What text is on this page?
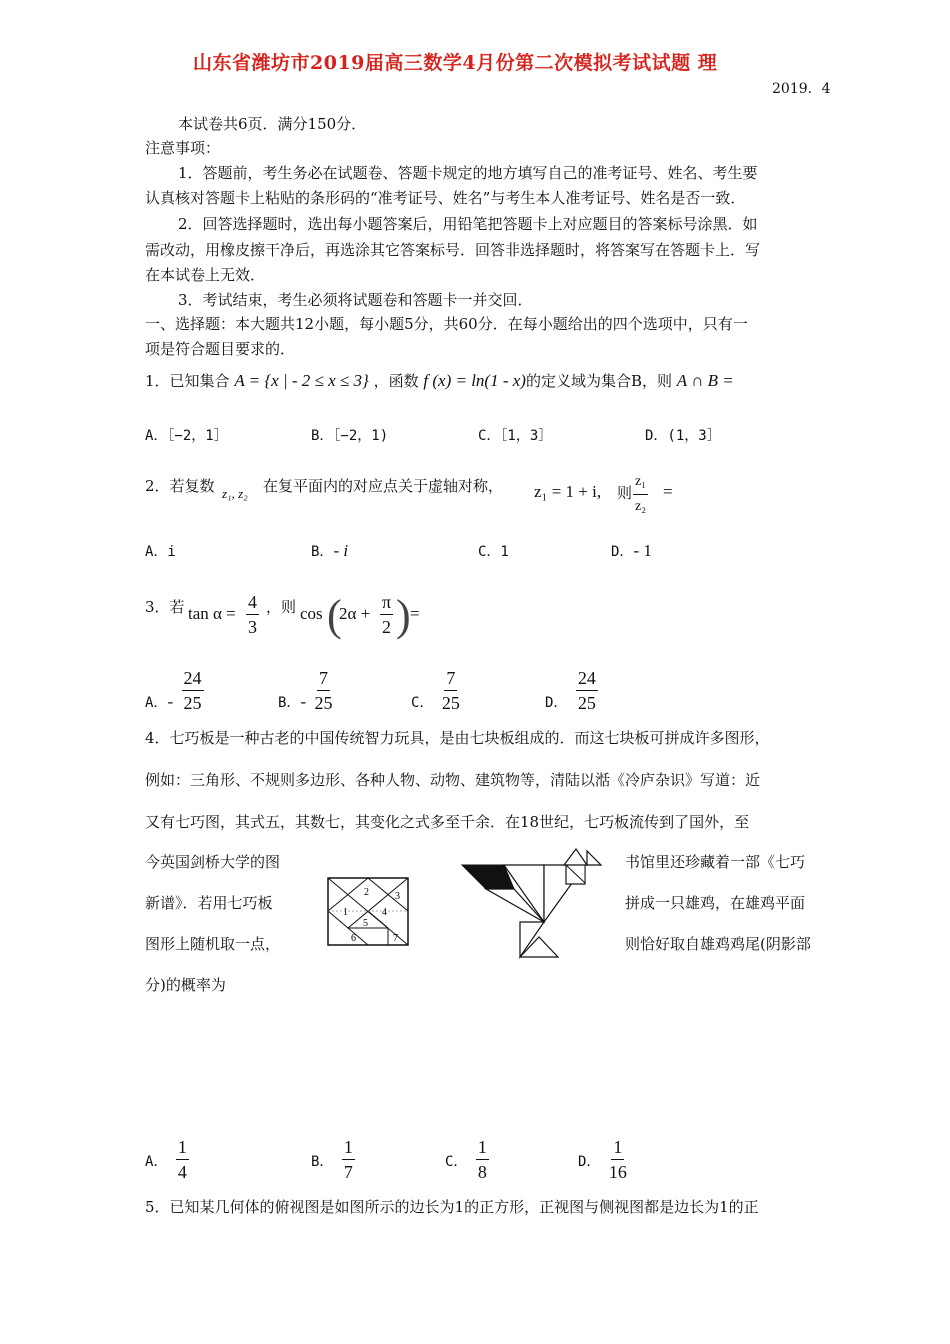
山东省潍坊市2019届高三数学4月份第二次模拟考试试题 理
2019．4
本试卷共6页．满分150分．
注意事项：
1．答题前，考生务必在试题卷、答题卡规定的地方填写自己的准考证号、姓名、考生要
认真核对答题卡上粘贴的条形码的“准考证号、姓名”与考生本人准考证号、姓名是否一致．
2．回答选择题时，选出每小题答案后，用铅笔把答题卡上对应题目的答案标号涂黑．如
需改动，用橡皮擦干净后，再选涂其它答案标号．回答非选择题时，将答案写在答题卡上．写
在本试卷上无效．
3．考试结束，考生必须将试题卷和答题卡一并交回．
一、选择题：本大题共12小题，每小题5分，共60分．在每小题给出的四个选项中，只有一
项是符合题目要求的．
1．已知集合 A = {x | - 2 ≤ x ≤ 3} ，函数 f (x) = ln(1 - x)的定义域为集合B，则 A ∩ B =
A．［−2，1］	B．［−2，1)	C．［1，3］	D．(1，3］
2．若复数 z₁, z₂ 在复平面内的对应点关于虚轴对称， z₁ = 1 + i, 则 $\frac{\text{z₁}}{\text{z₂}}$ =
A．i	B．- i	C．1	D．- 1
3．若 $\tan \alpha = \frac{4}{3}$ ，则 cos (
$2\alpha + \frac{\pi}{2}$ ) =
A．- $\frac{24}{25}$	B．- $\frac{7}{25}$	C． $\frac{7}{25}$	D． $\frac{24}{25}$
4．七巧板是一种古老的中国传统智力玩具，是由七块板组成的．而这七块板可拼成许多图形，
例如：三角形、不规则多边形、各种人物、动物、建筑物等，清陆以湉《冷庐杂识》写道：近
又有七巧图，其式五，其数七，其变化之式多至千余．在18世纪，七巧板流传到了国外，至
今英国剑桥大学的图	书馆里还珍藏着一部《七巧
新谱》．若用七巧板	拼成一只雄鸡，在雄鸡平面
图形上随机取一点，	则恰好取自雄鸡鸡尾(阴影部
分)的概率为
1
2	3
4
5
6	7
A． $\frac{1}{4}$	B． $\frac{1}{7}$	C． $\frac{1}{8}$	D． $\frac{1}{16}$
5．已知某几何体的俯视图是如图所示的边长为1的正方形，正视图与侧视图都是边长为1的正
